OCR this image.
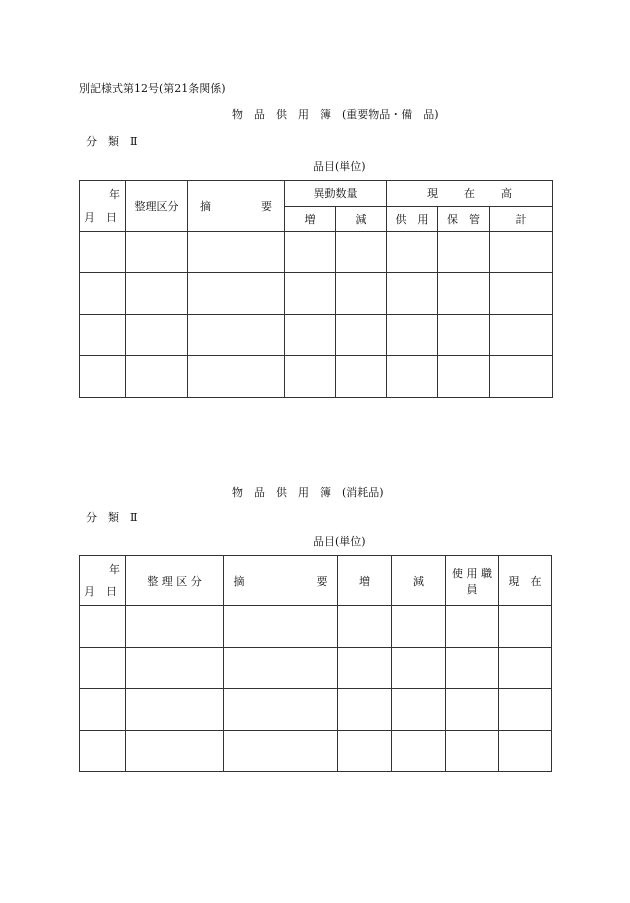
別記様式第12号(第21条関係)
物　品　供　用　簿　(重要物品・備　品)
分　類　Ⅱ
品目(単位)
年
月　日	整理区分	摘 要	異動数量		現 在 高		
			増	減	供　用	保　管	計

物　品　供　用　簿　(消耗品)
分　類　Ⅱ
品目(単位)
年
月　日	整 理 区 分	摘 要	増	減	使 用 職 員	現　在
